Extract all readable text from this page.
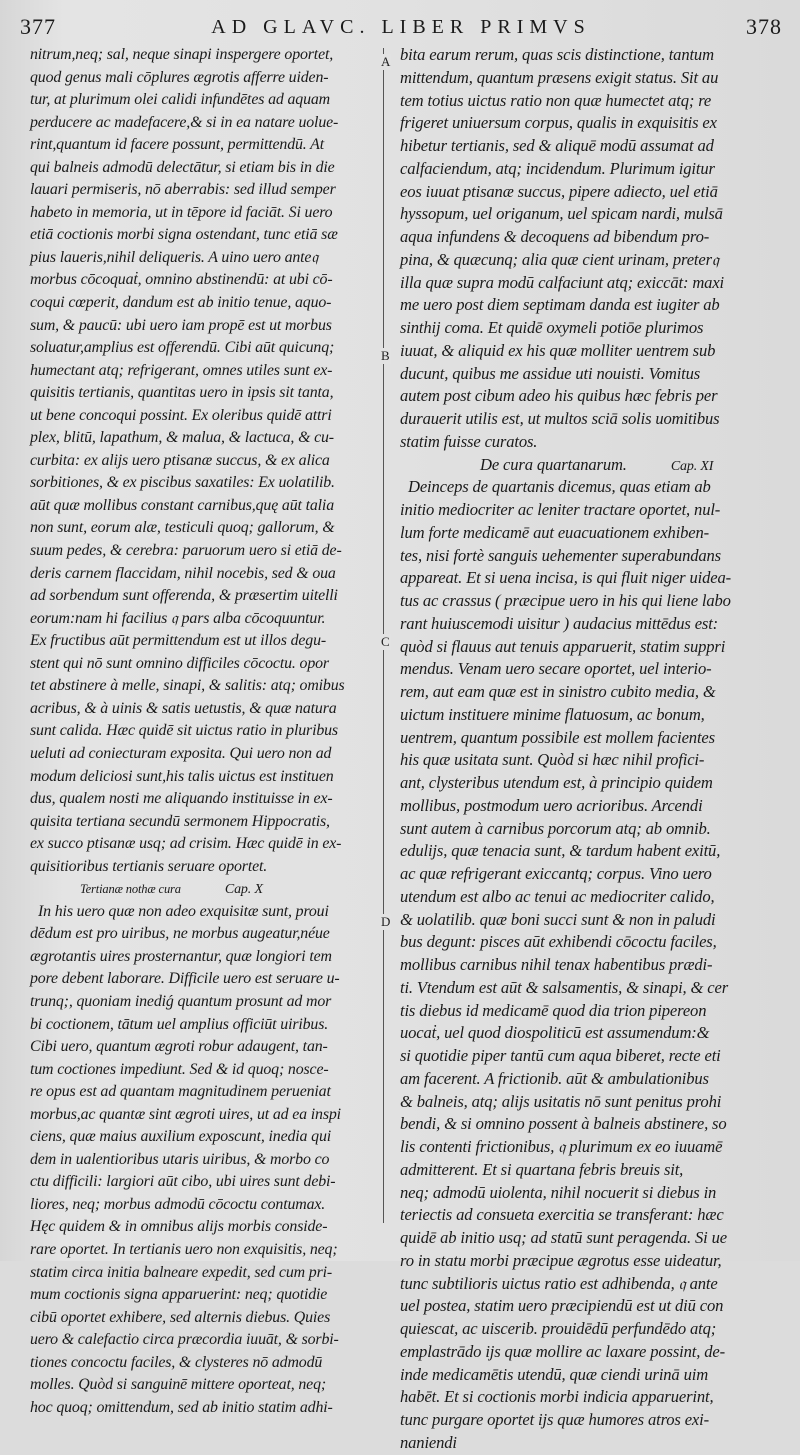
377	AD GLAVC. LIBER PRIMVS	378
A
B
C
D
nitrum,neq; sal, neque sinapi inspergere oportet,
quod genus mali cōplures ægrotis afferre uiden-
tur, at plurimum olei calidi infundētes ad aquam
perducere ac madefacere,& si in ea natare uolue-
rint,quantum id facere possunt, permittendū. At
qui balneis admodū delectātur, si etiam bis in die
lauari permiseris, nō aberrabis: sed illud semper
habeto in memoria, ut in tēpore id faciāt. Si uero
etiā coctionis morbi signa ostendant, tunc etiā sæ
pius laueris,nihil deliqueris. A uino uero ante𝔮
morbus cōcoquaṫ, omnino abstinendū: at ubi cō-
coqui cœperit, dandum est ab initio tenue, aquo-
sum, & paucū: ubi uero iam propē est ut morbus
soluatur,amplius est offerendū. Cibi aūt quicunq;
humectant atq; refrigerant, omnes utiles sunt ex-
quisitis tertianis, quantitas uero in ipsis sit tanta,
ut bene concoqui possint. Ex oleribus quidē attri
plex, blitū, lapathum, & malua, & lactuca, & cu-
curbita: ex alijs uero ptisanæ succus, & ex alica
sorbitiones, & ex piscibus saxatiles: Ex uolatilib.
aūt quæ mollibus constant carnibus,quę aūt talia
non sunt, eorum alæ, testiculi quoq; gallorum, &
suum pedes, & cerebra: paruorum uero si etiā de-
deris carnem flaccidam, nihil nocebis, sed & oua
ad sorbendum sunt offerenda, & præsertim uitelli
eorum:nam hi facilius 𝔮 pars alba cōcoquuntur.
Ex fructibus aūt permittendum est ut illos degu-
stent qui nō sunt omnino difficiles cōcoctu. opor
tet abstinere à melle, sinapi, & salitis: atq; omibus
acribus, & à uinis & satis uetustis, & quæ natura
sunt calida. Hæc quidē sit uictus ratio in pluribus
ueluti ad coniecturam exposita. Qui uero non ad
modum deliciosi sunt,his talis uictus est instituen
dus, qualem nosti me aliquando instituisse in ex-
quisita tertiana secundū sermonem Hippocratis,
ex succo ptisanæ usq; ad crisim. Hæc quidē in ex-
quisitioribus tertianis seruare oportet.
Tertianæ nothæ cura	Cap. X
In his uero quæ non adeo exquisitæ sunt, proui
dēdum est pro uiribus, ne morbus augeatur,néue
ægrotantis uires prosternantur, quæ longiori tem
pore debent laborare. Difficile uero est seruare u-
trunq;, quoniam inediǵ quantum prosunt ad mor
bi coctionem, tātum uel amplius officiūt uiribus.
Cibi uero, quantum ægroti robur adaugent, tan-
tum coctiones impediunt. Sed & id quoq; nosce-
re opus est ad quantam magnitudinem perueniat
morbus,ac quantæ sint ægroti uires, ut ad ea inspi
ciens, quæ maius auxilium exposcunt, inedia qui
dem in ualentioribus utaris uiribus, & morbo co
ctu difficili: largiori aūt cibo, ubi uires sunt debi-
liores, neq; morbus admodū cōcoctu contumax.
Hęc quidem & in omnibus alijs morbis conside-
rare oportet. In tertianis uero non exquisitis, neq;
statim circa initia balneare expedit, sed cum pri-
mum coctionis signa apparuerint: neq; quotidie
cibū oportet exhibere, sed alternis diebus. Quies
uero & calefactio circa præcordia iuuāt, & sorbi-
tiones concoctu faciles, & clysteres nō admodū
molles. Quòd si sanguinē mittere oporteat, neq;
hoc quoq; omittendum, sed ab initio statim adhi-
bita earum rerum, quas scis distinctione, tantum
mittendum, quantum præsens exigit status. Sit au
tem totius uictus ratio non quæ humectet atq; re
frigeret uniuersum corpus, qualis in exquisitis ex
hibetur tertianis, sed & aliquē modū assumat ad
calfaciendum, atq; incidendum. Plurimum igitur
eos iuuat ptisanæ succus, pipere adiecto, uel etiā
hyssopum, uel origanum, uel spicam nardi, mulsā
aqua infundens & decoquens ad bibendum pro-
pina, & quæcunq; alia quæ cient urinam, preter𝔮
illa quæ supra modū calfaciunt atq; exiccāt: maxi
me uero post diem septimam danda est iugiter ab
sinthij coma. Et quidē oxymeli potiōe plurimos
iuuat, & aliquid ex his quæ molliter uentrem sub
ducunt, quibus me assidue uti nouisti. Vomitus
autem post cibum adeo his quibus hæc febris per
durauerit utilis est, ut multos sciā solis uomitibus
statim fuisse curatos.
De cura quartanarum.	Cap. XI
Deinceps de quartanis dicemus, quas etiam ab
initio mediocriter ac leniter tractare oportet, nul-
lum forte medicamē aut euacuationem exhiben-
tes, nisi fortè sanguis uehementer superabundans
appareat. Et si uena incisa, is qui fluit niger uidea-
tus ac crassus ( præcipue uero in his qui liene labo
rant huiuscemodi uisitur ) audacius mittēdus est:
quòd si flauus aut tenuis apparuerit, statim suppri
mendus. Venam uero secare oportet, uel interio-
rem, aut eam quæ est in sinistro cubito media, &
uictum instituere minime flatuosum, ac bonum,
uentrem, quantum possibile est mollem facientes
his quæ usitata sunt. Quòd si hæc nihil profici-
ant, clysteribus utendum est, à principio quidem
mollibus, postmodum uero acrioribus. Arcendi
sunt autem à carnibus porcorum atq; ab omnib.
edulijs, quæ tenacia sunt, & tardum habent exitū,
ac quæ refrigerant exiccantq; corpus. Vino uero
utendum est albo ac tenui ac mediocriter calido,
& uolatilib. quæ boni succi sunt & non in paludi
bus degunt: pisces aūt exhibendi cōcoctu faciles,
mollibus carnibus nihil tenax habentibus prædi-
ti. Vtendum est aūt & salsamentis, & sinapi, & cer
tis diebus id medicamē quod dia trion pipereon
uocaṫ, uel quod diospoliticū est assumendum:&
si quotidie piper tantū cum aqua biberet, recte eti
am facerent. A frictionib. aūt & ambulationibus
& balneis, atq; alijs usitatis nō sunt penitus prohi
bendi, & si omnino possent à balneis abstinere, so
lis contenti frictionibus, 𝔮 plurimum ex eo iuuamē
admitterent. Et si quartana febris breuis sit,
neq; admodū uiolenta, nihil nocuerit si diebus in
teriectis ad consueta exercitia se transferant: hæc
quidē ab initio usq; ad statū sunt peragenda. Si ue
ro in statu morbi præcipue ægrotus esse uideatur,
tunc subtilioris uictus ratio est adhibenda, 𝔮 ante
uel postea, statim uero præcipiendū est ut diū con
quiescat, ac uiscerib. prouidēdū perfundēdo atq;
emplastrādo ijs quæ mollire ac laxare possint, de-
inde medicamētis utendū, quæ ciendi urinā uim
habēt. Et si coctionis morbi indicia apparuerint,
tunc purgare oportet ijs quæ humores atros exi-
naniendi
